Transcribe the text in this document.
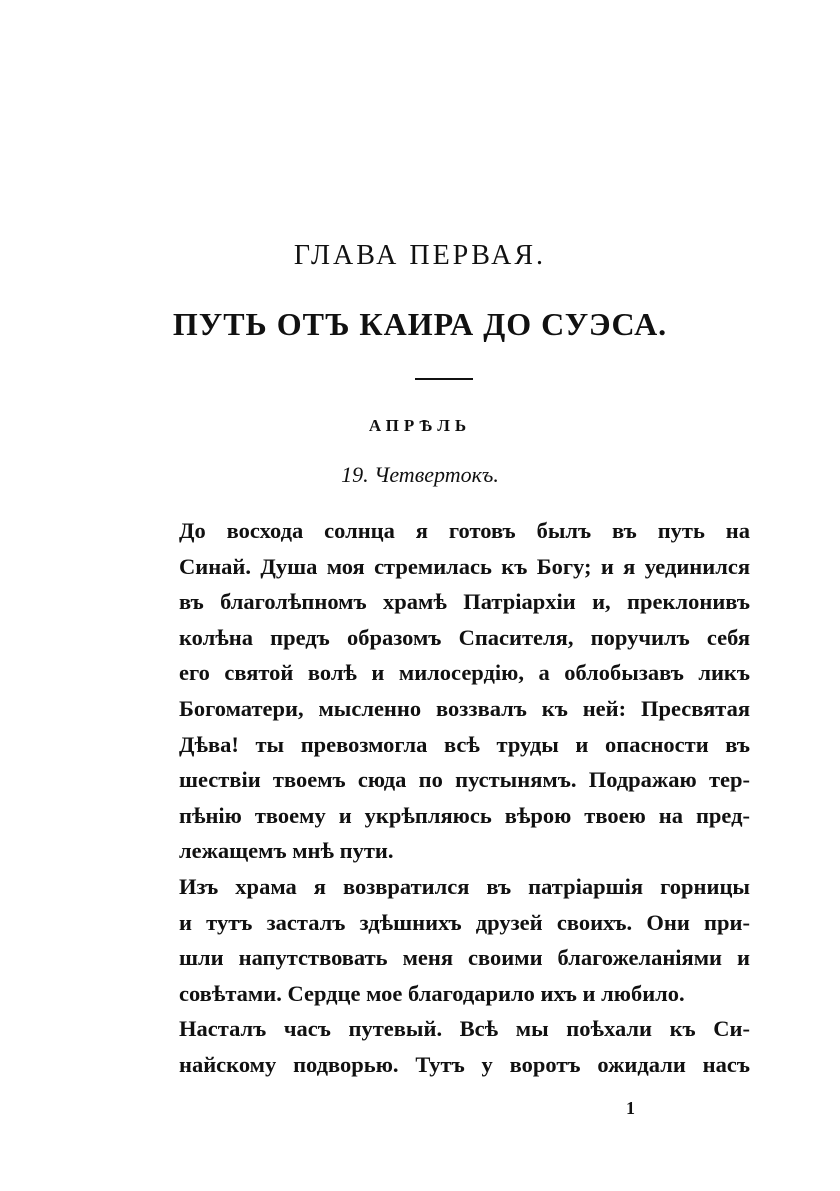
ГЛАВА ПЕРВАЯ.
ПУТЬ ОТЪ КАИРА ДО СУЭСА.
АПРѢЛЬ
19. Четвертокъ.

До восхода солнца я готовъ былъ въ путь на
Синай. Душа моя стремилась къ Богу; и я уединился
въ благолѣпномъ храмѣ Патріархіи и, преклонивъ
колѣна предъ образомъ Спасителя, поручилъ себя
его святой волѣ и милосердію, а облобызавъ ликъ
Богоматери, мысленно воззвалъ къ ней: Пресвятая
Дѣва! ты превозмогла всѣ труды и опасности въ
шествіи твоемъ сюда по пустынямъ. Подражаю тер-
пѣнію твоему и укрѣпляюсь вѣрою твоею на пред-
лежащемъ мнѣ пути.

Изъ храма я возвратился въ патріаршія горницы
и тутъ засталъ здѣшнихъ друзей своихъ. Они при-
шли напутствовать меня своими благожеланіями и
совѣтами. Сердце мое благодарило ихъ и любило.

Насталъ часъ путевый. Всѣ мы поѣхали къ Си-
найскому подворью. Тутъ у воротъ ожидали насъ

1
